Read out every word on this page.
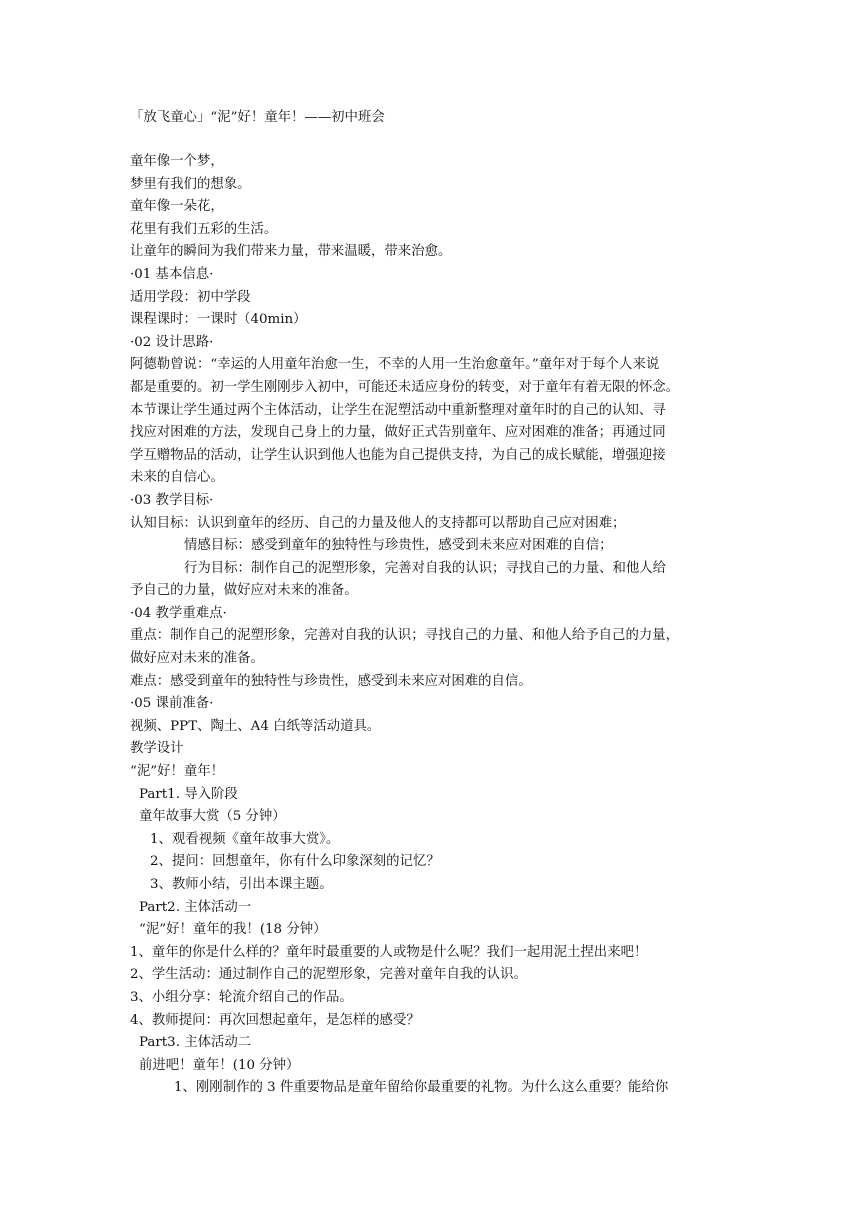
「放飞童心」“泥”好！童年！——初中班会
童年像一个梦，
梦里有我们的想象。
童年像一朵花，
花里有我们五彩的生活。
让童年的瞬间为我们带来力量，带来温暖，带来治愈。
·01 基本信息·
适用学段：初中学段
课程课时：一课时（40min）
·02 设计思路·
阿德勒曾说：“幸运的人用童年治愈一生，不幸的人用一生治愈童年。”童年对于每个人来说
都是重要的。初一学生刚刚步入初中，可能还未适应身份的转变，对于童年有着无限的怀念。
本节课让学生通过两个主体活动，让学生在泥塑活动中重新整理对童年时的自己的认知、寻
找应对困难的方法，发现自己身上的力量，做好正式告别童年、应对困难的准备；再通过同
学互赠物品的活动，让学生认识到他人也能为自己提供支持，为自己的成长赋能，增强迎接
未来的自信心。
·03 教学目标·
认知目标：认识到童年的经历、自己的力量及他人的支持都可以帮助自己应对困难；
情感目标：感受到童年的独特性与珍贵性，感受到未来应对困难的自信；
行为目标：制作自己的泥塑形象，完善对自我的认识；寻找自己的力量、和他人给
予自己的力量，做好应对未来的准备。
·04 教学重难点·
重点：制作自己的泥塑形象，完善对自我的认识；寻找自己的力量、和他人给予自己的力量，
做好应对未来的准备。
难点：感受到童年的独特性与珍贵性，感受到未来应对困难的自信。
·05 课前准备·
视频、PPT、陶土、A4 白纸等活动道具。
教学设计
“泥”好！童年！
Part1. 导入阶段
童年故事大赏（5 分钟）
1、观看视频《童年故事大赏》。
2、提问：回想童年，你有什么印象深刻的记忆？
3、教师小结，引出本课主题。
Part2. 主体活动一
“泥”好！童年的我！(18 分钟）
1、童年的你是什么样的？童年时最重要的人或物是什么呢？我们一起用泥土捏出来吧！
2、学生活动：通过制作自己的泥塑形象，完善对童年自我的认识。
3、小组分享：轮流介绍自己的作品。
4、教师提问：再次回想起童年，是怎样的感受？
Part3. 主体活动二
前进吧！童年！(10 分钟）
1、刚刚制作的 3 件重要物品是童年留给你最重要的礼物。为什么这么重要？能给你
